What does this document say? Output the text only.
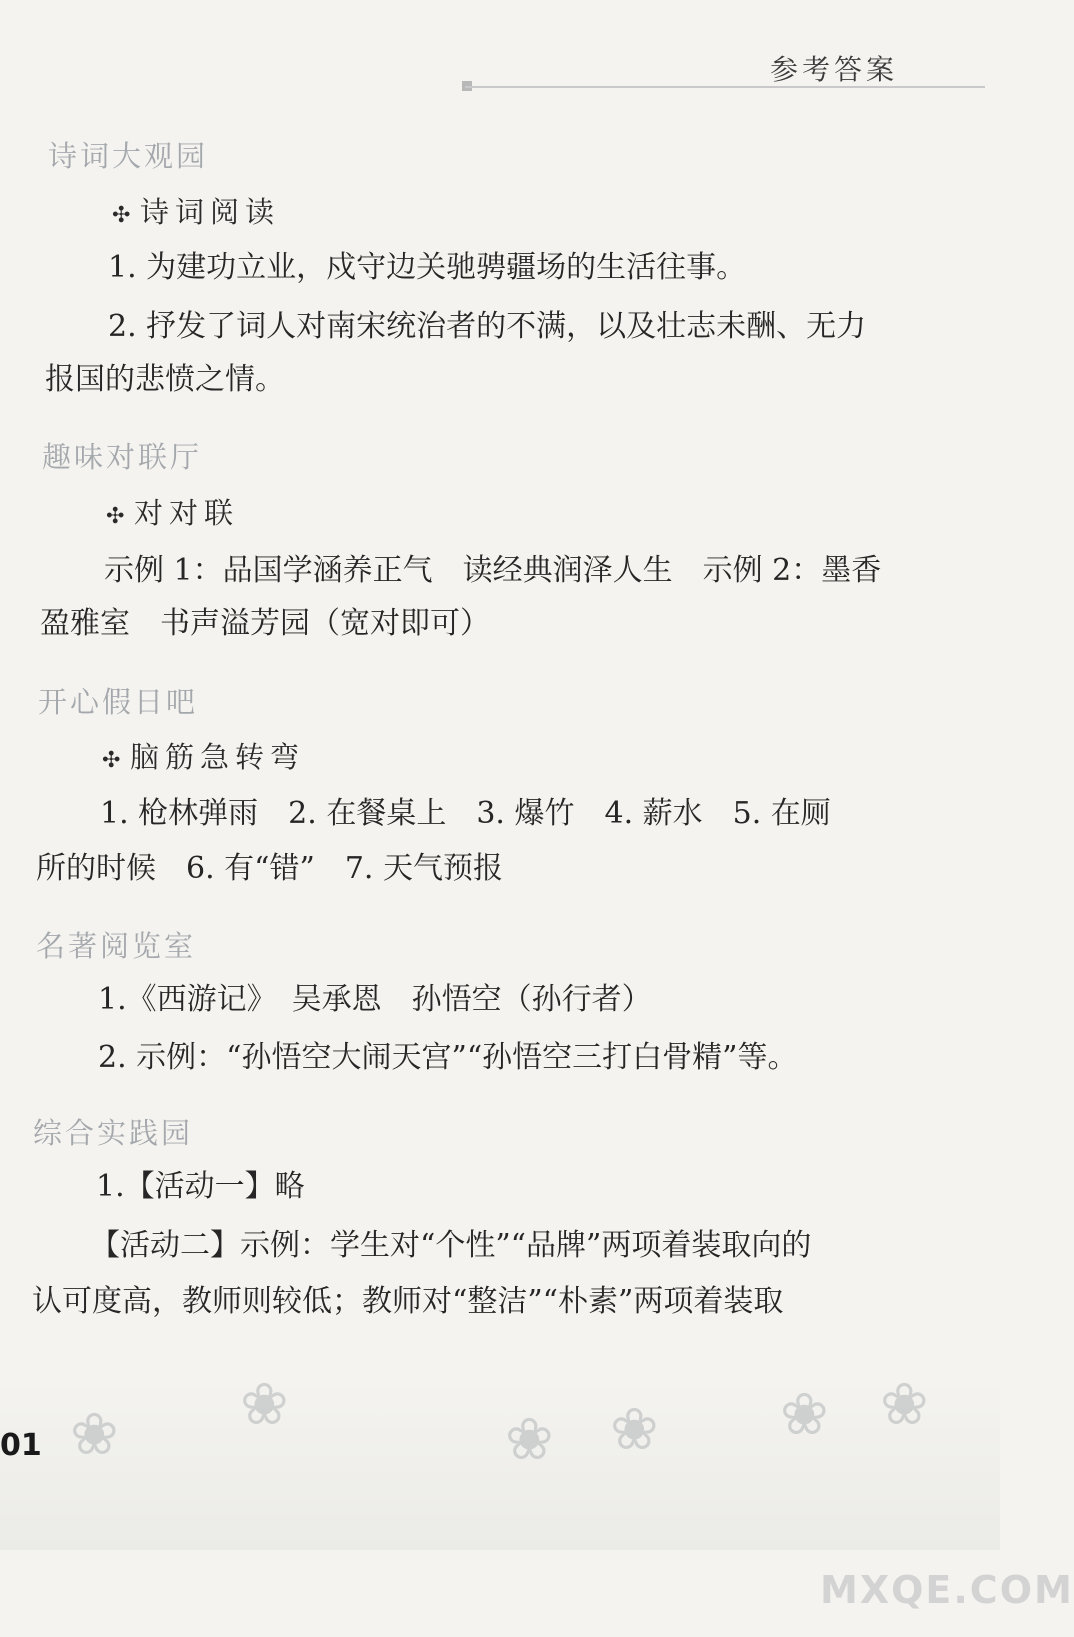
参考答案
诗词大观园
✣ 诗词阅读
1. 为建功立业，戍守边关驰骋疆场的生活往事。
2. 抒发了词人对南宋统治者的不满，以及壮志未酬、无力
报国的悲愤之情。
趣味对联厅
✣ 对对联
示例 1：品国学涵养正气　读经典润泽人生　示例 2：墨香
盈雅室　书声溢芳园（宽对即可）
开心假日吧
✣ 脑筋急转弯
1. 枪林弹雨　2. 在餐桌上　3. 爆竹　4. 薪水　5. 在厕
所的时候　6. 有“错”　7. 天气预报
名著阅览室
1.《西游记》　吴承恩　孙悟空（孙行者）
2. 示例：“孙悟空大闹天宫”“孙悟空三打白骨精”等。
综合实践园
1.【活动一】略
【活动二】示例：学生对“个性”“品牌”两项着装取向的
认可度高，教师则较低；教师对“整洁”“朴素”两项着装取
❀ ❀
❀ ❀ ❀ ❀
01
MXQE.COM
